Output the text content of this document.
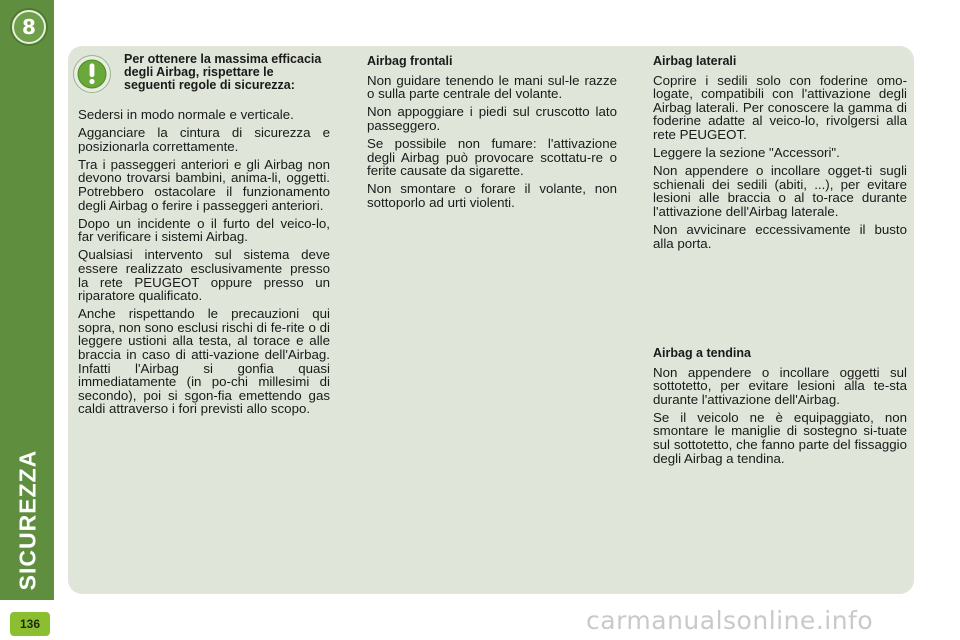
8
SICUREZZA
136
Per ottenere la massima efficacia degli Airbag, rispettare le seguenti regole di sicurezza:

Sedersi in modo normale e verticale.

Agganciare la cintura di sicurezza e posizionarla correttamente.

Tra i passeggeri anteriori e gli Airbag non devono trovarsi bambini, anima-li, oggetti. Potrebbero ostacolare il funzionamento degli Airbag o ferire i passeggeri anteriori.

Dopo un incidente o il furto del veico-lo, far verificare i sistemi Airbag.

Qualsiasi intervento sul sistema deve essere realizzato esclusivamente presso la rete PEUGEOT oppure presso un riparatore qualificato.

Anche rispettando le precauzioni qui sopra, non sono esclusi rischi di fe-rite o di leggere ustioni alla testa, al torace e alle braccia in caso di atti-vazione dell'Airbag. Infatti l'Airbag si gonfia quasi immediatamente (in po-chi millesimi di secondo), poi si sgon-fia emettendo gas caldi attraverso i fori previsti allo scopo.

Airbag frontali

Non guidare tenendo le mani sul-le razze o sulla parte centrale del volante.

Non appoggiare i piedi sul cruscotto lato passeggero.

Se possibile non fumare: l'attivazione degli Airbag può provocare scottatu-re o ferite causate da sigarette.

Non smontare o forare il volante, non sottoporlo ad urti violenti.

Airbag laterali

Coprire i sedili solo con foderine omo-logate, compatibili con l'attivazione degli Airbag laterali. Per conoscere la gamma di foderine adatte al veico-lo, rivolgersi alla rete PEUGEOT.

Leggere la sezione "Accessori".

Non appendere o incollare ogget-ti sugli schienali dei sedili (abiti, ...), per evitare lesioni alle braccia o al to-race durante l'attivazione dell'Airbag laterale.

Non avvicinare eccessivamente il busto alla porta.

Airbag a tendina

Non appendere o incollare oggetti sul sottotetto, per evitare lesioni alla te-sta durante l'attivazione dell'Airbag.

Se il veicolo ne è equipaggiato, non smontare le maniglie di sostegno si-tuate sul sottotetto, che fanno parte del fissaggio degli Airbag a tendina.

carmanualsonline.info
